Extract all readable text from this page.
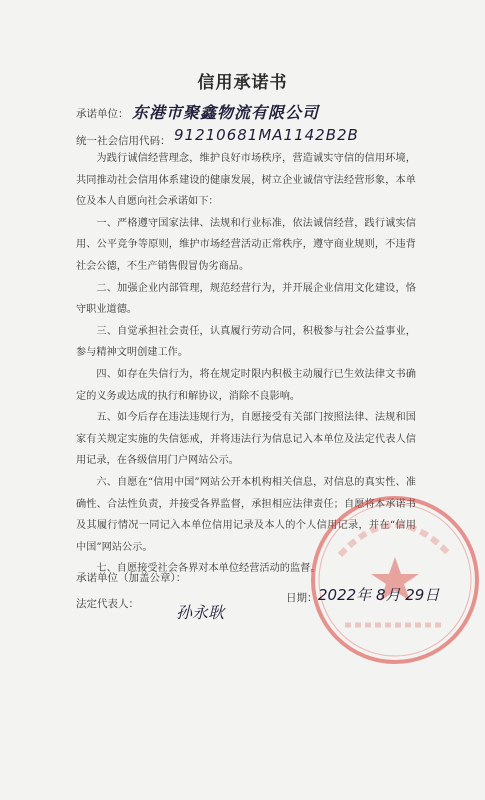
信用承诺书
承诺单位： 东港市聚鑫物流有限公司
统一社会信用代码： 91210681MA1142B2B

为践行诚信经营理念，维护良好市场秩序，营造诚实守信的信用环境，共同推动社会信用体系建设的健康发展，树立企业诚信守法经营形象，本单位及本人自愿向社会承诺如下：

一、严格遵守国家法律、法规和行业标准，依法诚信经营，践行诚实信用、公平竞争等原则，维护市场经营活动正常秩序，遵守商业规则，不违背社会公德，不生产销售假冒伪劣商品。

二、加强企业内部管理，规范经营行为，并开展企业信用文化建设，恪守职业道德。

三、自觉承担社会责任，认真履行劳动合同，积极参与社会公益事业，参与精神文明创建工作。

四、如存在失信行为，将在规定时限内积极主动履行已生效法律文书确定的义务或达成的执行和解协议，消除不良影响。

五、如今后存在违法违规行为，自愿接受有关部门按照法律、法规和国家有关规定实施的失信惩戒，并将违法行为信息记入本单位及法定代表人信用记录，在各级信用门户网站公示。

六、自愿在“信用中国”网站公开本机构相关信息，对信息的真实性、准确性、合法性负责，并接受各界监督，承担相应法律责任；自愿将本承诺书及其履行情况一同记入本单位信用记录及本人的个人信用记录，并在“信用中国”网站公示。

七、自愿接受社会各界对本单位经营活动的监督。

承诺单位（加盖公章）：
法定代表人： 孙永耿
日期： 2022年 8月 29日
